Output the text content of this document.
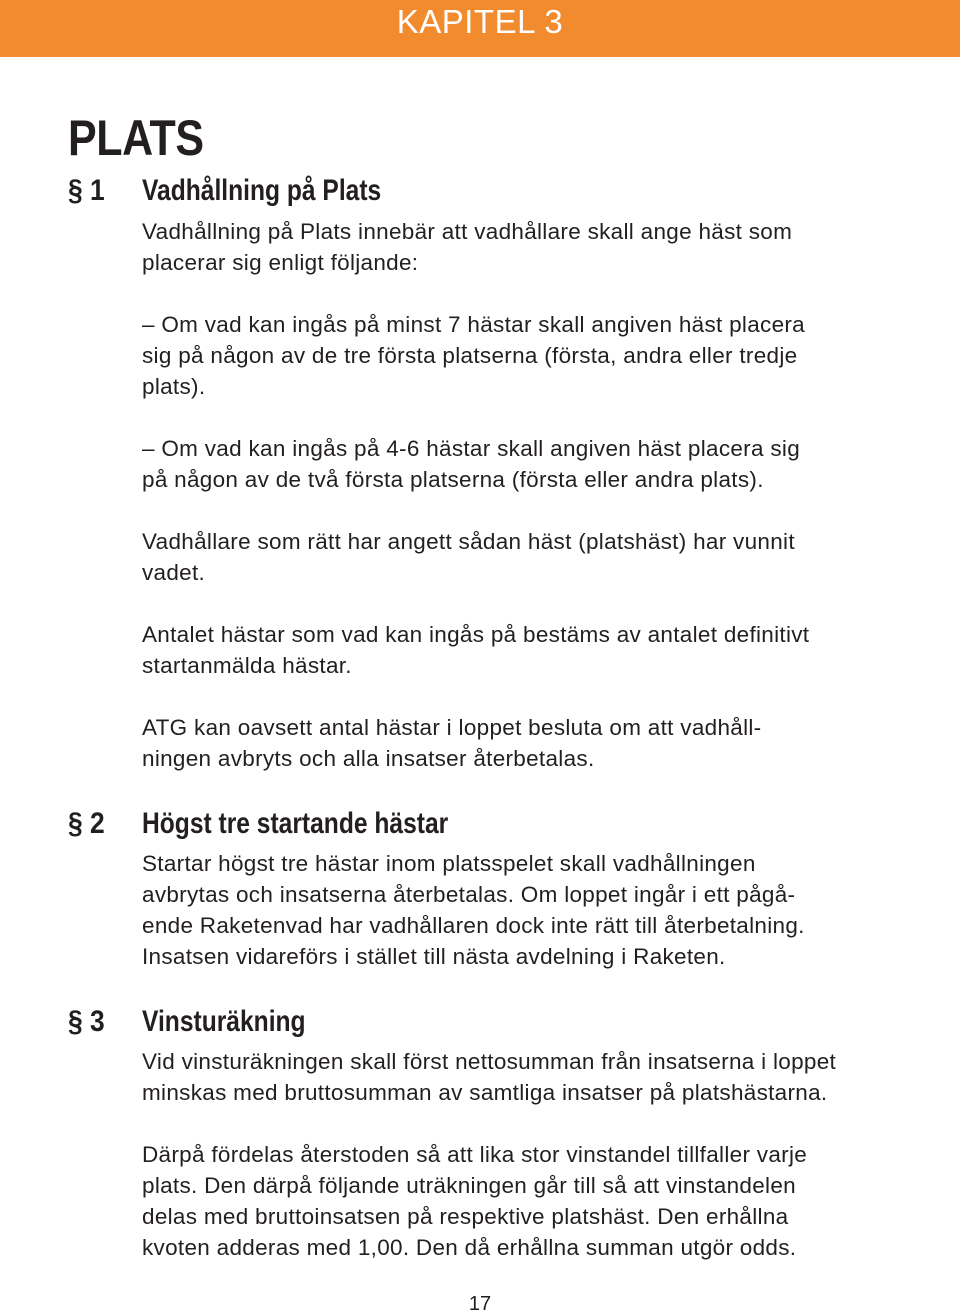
KAPITEL 3
PLATS
§ 1 Vadhållning på Plats

Vadhållning på Plats innebär att vadhållare skall ange häst som
placerar sig enligt följande:

– Om vad kan ingås på minst 7 hästar skall angiven häst placera
sig på någon av de tre första platserna (första, andra eller tredje
plats).

– Om vad kan ingås på 4-6 hästar skall angiven häst placera sig
på någon av de två första platserna (första eller andra plats).

Vadhållare som rätt har angett sådan häst (platshäst) har vunnit
vadet.

Antalet hästar som vad kan ingås på bestäms av antalet definitivt
startanmälda hästar.

ATG kan oavsett antal hästar i loppet besluta om att vadhåll-
ningen avbryts och alla insatser återbetalas.

§ 2 Högst tre startande hästar

Startar högst tre hästar inom platsspelet skall vadhållningen
avbrytas och insatserna återbetalas. Om loppet ingår i ett pågå-
ende Raketenvad har vadhållaren dock inte rätt till återbetalning.
Insatsen vidareförs i stället till nästa avdelning i Raketen.

§ 3 Vinsturäkning

Vid vinsturäkningen skall först nettosumman från insatserna i loppet
minskas med bruttosumman av samtliga insatser på platshästarna.

Därpå fördelas återstoden så att lika stor vinstandel tillfaller varje
plats. Den därpå följande uträkningen går till så att vinstandelen
delas med bruttoinsatsen på respektive platshäst. Den erhållna
kvoten adderas med 1,00. Den då erhållna summan utgör odds.

17
